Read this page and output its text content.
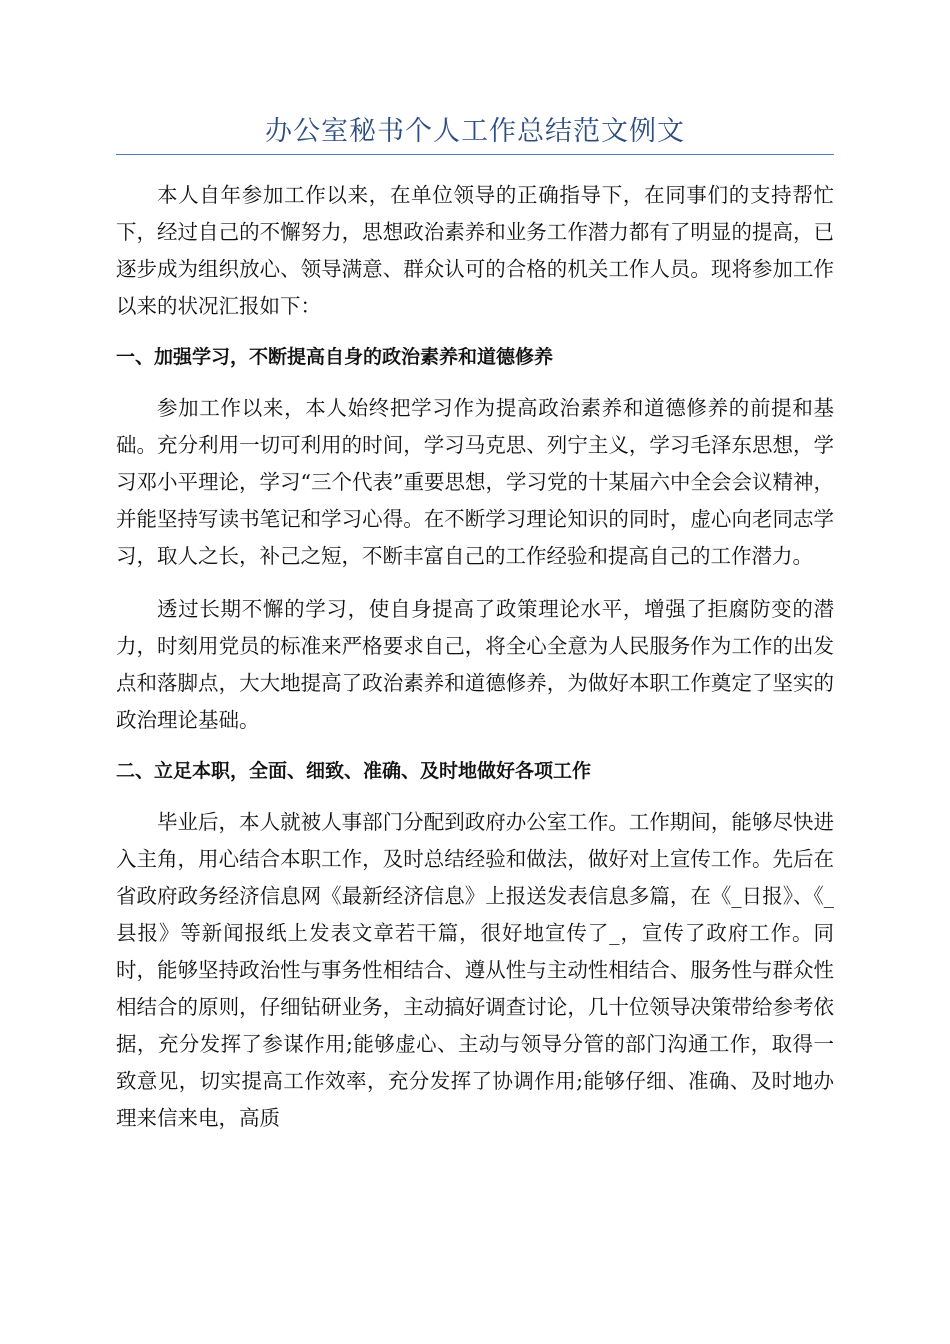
办公室秘书个人工作总结范文例文

本人自年参加工作以来，在单位领导的正确指导下，在同事们的支持帮忙下，经过自己的不懈努力，思想政治素养和业务工作潜力都有了明显的提高，已逐步成为组织放心、领导满意、群众认可的合格的机关工作人员。现将参加工作以来的状况汇报如下：

一、加强学习，不断提高自身的政治素养和道德修养

参加工作以来，本人始终把学习作为提高政治素养和道德修养的前提和基础。充分利用一切可利用的时间，学习马克思、列宁主义，学习毛泽东思想，学习邓小平理论，学习“三个代表”重要思想，学习党的十某届六中全会会议精神，并能坚持写读书笔记和学习心得。在不断学习理论知识的同时，虚心向老同志学习，取人之长，补己之短，不断丰富自己的工作经验和提高自己的工作潜力。

透过长期不懈的学习，使自身提高了政策理论水平，增强了拒腐防变的潜力，时刻用党员的标准来严格要求自己，将全心全意为人民服务作为工作的出发点和落脚点，大大地提高了政治素养和道德修养，为做好本职工作奠定了坚实的政治理论基础。

二、立足本职，全面、细致、准确、及时地做好各项工作

毕业后，本人就被人事部门分配到政府办公室工作。工作期间，能够尽快进入主角，用心结合本职工作，及时总结经验和做法，做好对上宣传工作。先后在省政府政务经济信息网《最新经济信息》上报送发表信息多篇，在《_日报》、《_县报》等新闻报纸上发表文章若干篇，很好地宣传了_，宣传了政府工作。同时，能够坚持政治性与事务性相结合、遵从性与主动性相结合、服务性与群众性相结合的原则，仔细钻研业务，主动搞好调查讨论，几十位领导决策带给参考依据，充分发挥了参谋作用;能够虚心、主动与领导分管的部门沟通工作，取得一致意见，切实提高工作效率，充分发挥了协调作用;能够仔细、准确、及时地办理来信来电，高质
